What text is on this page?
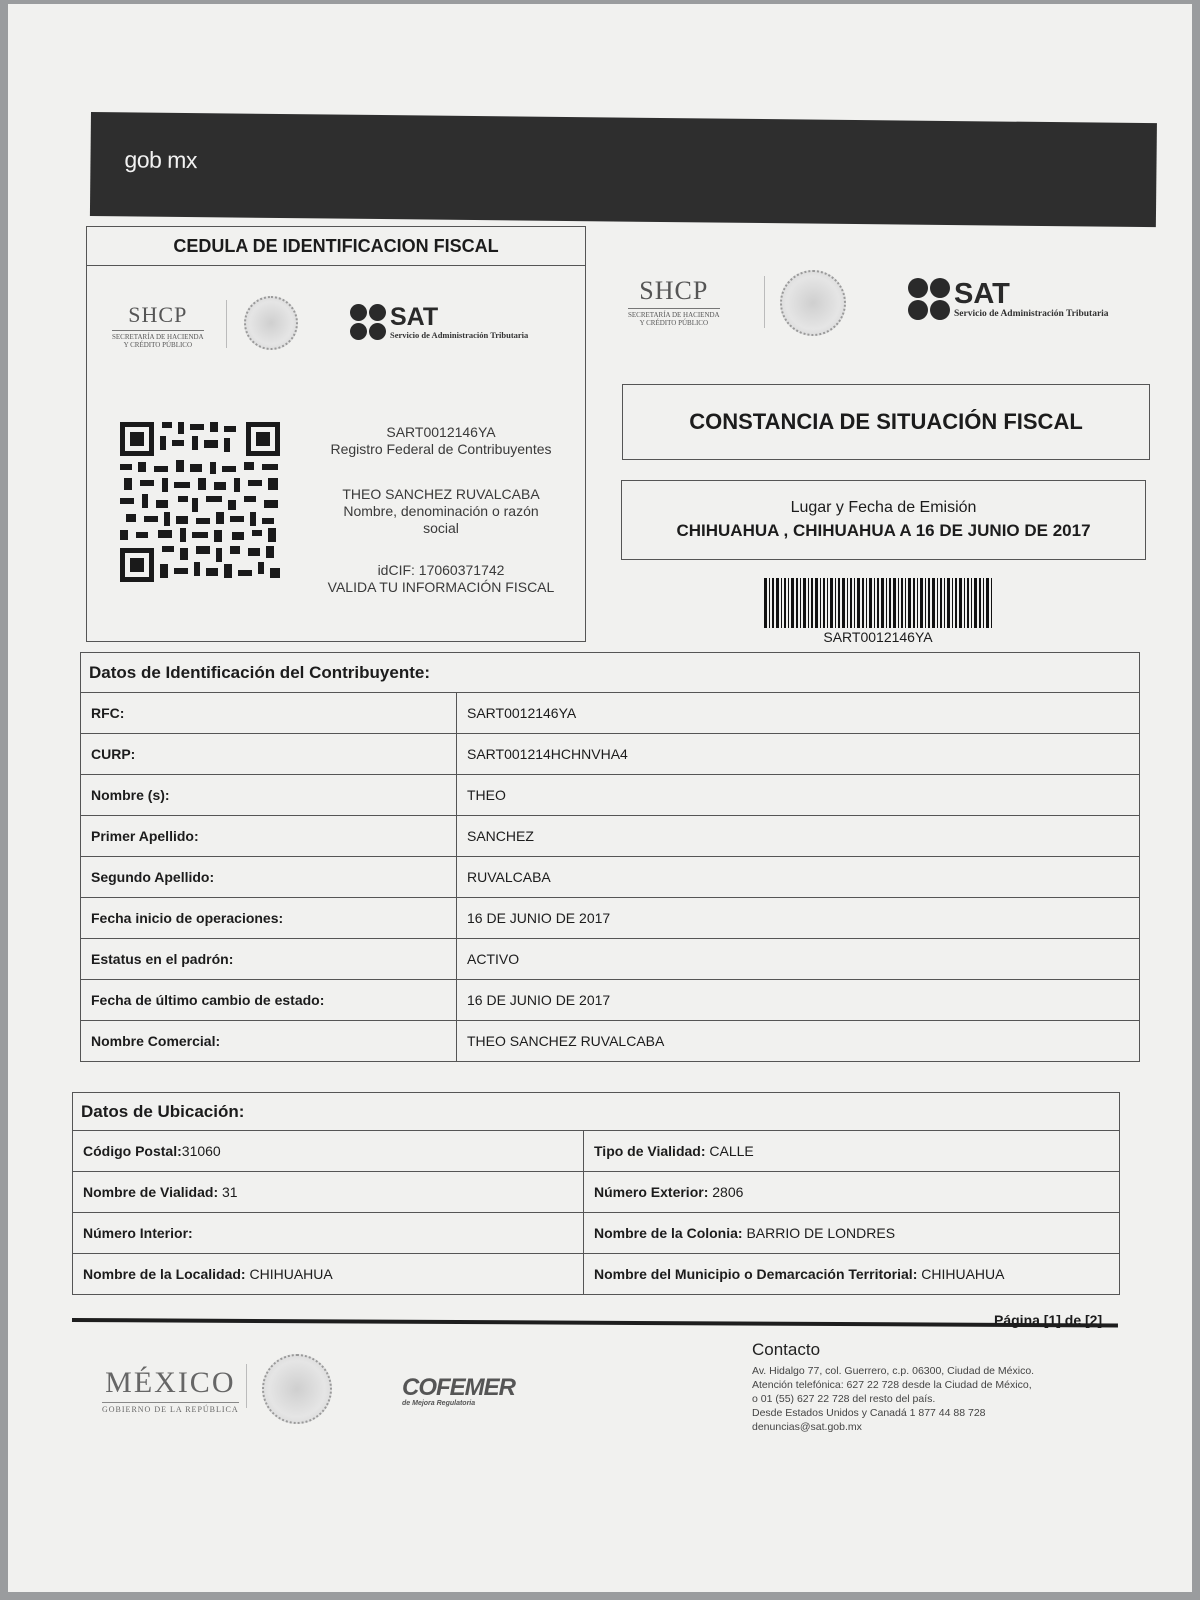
gob mx
CEDULA DE IDENTIFICACION FISCAL
SHCP
SECRETARÍA DE HACIENDA
Y CRÉDITO PÚBLICO
SAT
Servicio de Administración Tributaria
SART0012146YA
Registro Federal de Contribuyentes
THEO SANCHEZ RUVALCABA
Nombre, denominación o razón social
idCIF: 17060371742
VALIDA TU INFORMACIÓN FISCAL
SHCP
SECRETARÍA DE HACIENDA
Y CRÉDITO PÚBLICO
SAT
Servicio de Administración Tributaria
CONSTANCIA DE SITUACIÓN FISCAL
Lugar y Fecha de Emisión
CHIHUAHUA , CHIHUAHUA A 16 DE JUNIO DE 2017
SART0012146YA
Datos de Identificación del Contribuyente:	
RFC:	SART0012146YA
CURP:	SART001214HCHNVHA4
Nombre (s):	THEO
Primer Apellido:	SANCHEZ
Segundo Apellido:	RUVALCABA
Fecha inicio de operaciones:	16 DE JUNIO DE 2017
Estatus en el padrón:	ACTIVO
Fecha de último cambio de estado:	16 DE JUNIO DE 2017
Nombre Comercial:	THEO SANCHEZ RUVALCABA
Datos de Ubicación:	
Código Postal:31060	Tipo de Vialidad: CALLE
Nombre de Vialidad: 31	Número Exterior: 2806
Número Interior:	Nombre de la Colonia: BARRIO DE LONDRES
Nombre de la Localidad: CHIHUAHUA	Nombre del Municipio o Demarcación Territorial: CHIHUAHUA
Página [1] de [2]
MÉXICO
GOBIERNO DE LA REPÚBLICA
COFEMER
de Mejora Regulatoria
Contacto
Av. Hidalgo 77, col. Guerrero, c.p. 06300, Ciudad de México.
Atención telefónica: 627 22 728 desde la Ciudad de México,
o 01 (55) 627 22 728 del resto del país.
Desde Estados Unidos y Canadá 1 877 44 88 728
denuncias@sat.gob.mx
